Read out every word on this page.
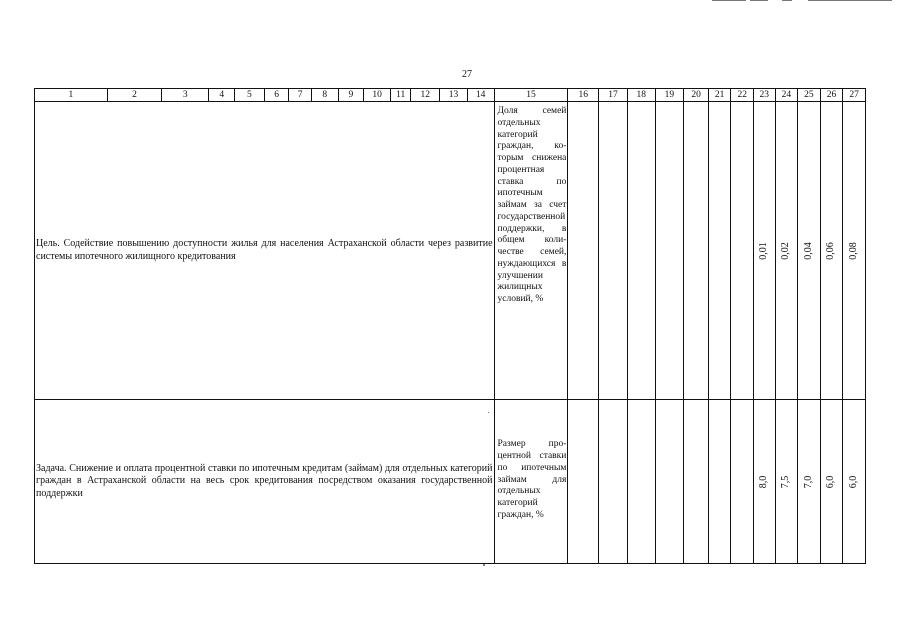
27
1	2	3	4	5	6	7	8	9	10	11	12	13	14	15	16	17	18	19	20	21	22	23	24	25	26	27
Цель. Содействие повышению доступности жилья для населения Астраханской области через развитие системы ипотечного жилищного кредитования														Доля семей отдельных категорий граждан, которым снижена процентная ставка по ипотечным займам за счет государственной поддержки, в общем количестве семей, нуждающихся в улучшении жилищных условий, %								0,01	0,02	0,04	0,06	0,08

Задача. Снижение и оплата процентной ставки по ипотечным кредитам (займам) для отдельных категорий граждан в Астраханской области на весь срок кредитования посредством оказания государственной поддержки														Размер процентной ставки по ипотечным займам для отдельных категорий граждан, %								8,0	7,5	7,0	6,0	6,0
